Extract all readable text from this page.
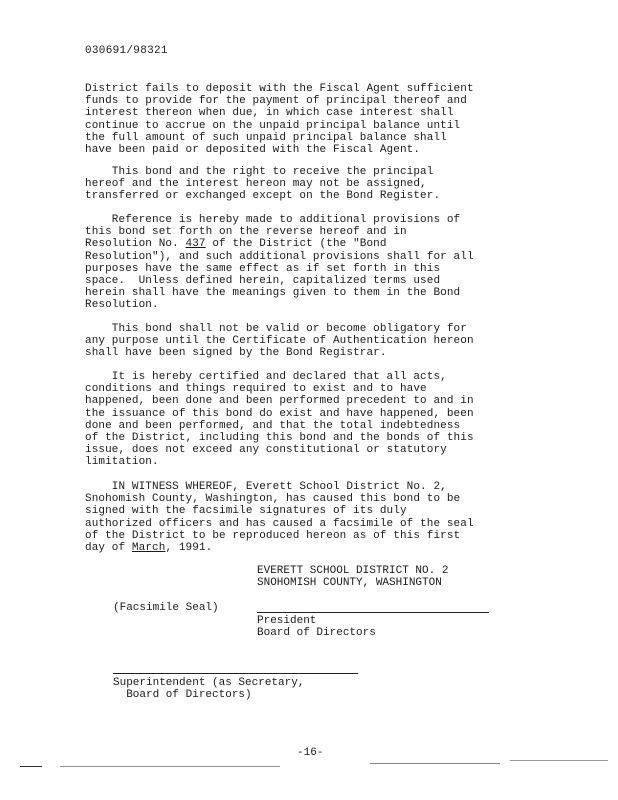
030691/98321
District fails to deposit with the Fiscal Agent sufficient
funds to provide for the payment of principal thereof and
interest thereon when due, in which case interest shall
continue to accrue on the unpaid principal balance until
the full amount of such unpaid principal balance shall
have been paid or deposited with the Fiscal Agent.
This bond and the right to receive the principal
hereof and the interest hereon may not be assigned,
transferred or exchanged except on the Bond Register.
Reference is hereby made to additional provisions of
this bond set forth on the reverse hereof and in
Resolution No. 437 of the District (the "Bond
Resolution"), and such additional provisions shall for all
purposes have the same effect as if set forth in this
space.  Unless defined herein, capitalized terms used
herein shall have the meanings given to them in the Bond
Resolution.
This bond shall not be valid or become obligatory for
any purpose until the Certificate of Authentication hereon
shall have been signed by the Bond Registrar.
It is hereby certified and declared that all acts,
conditions and things required to exist and to have
happened, been done and been performed precedent to and in
the issuance of this bond do exist and have happened, been
done and been performed, and that the total indebtedness
of the District, including this bond and the bonds of this
issue, does not exceed any constitutional or statutory
limitation.
IN WITNESS WHEREOF, Everett School District No. 2,
Snohomish County, Washington, has caused this bond to be
signed with the facsimile signatures of its duly
authorized officers and has caused a facsimile of the seal
of the District to be reproduced hereon as of this first
day of March, 1991.
EVERETT SCHOOL DISTRICT NO. 2
SNOHOMISH COUNTY, WASHINGTON
(Facsimile Seal)
President
Board of Directors
Superintendent (as Secretary,
Board of Directors)
-16-
